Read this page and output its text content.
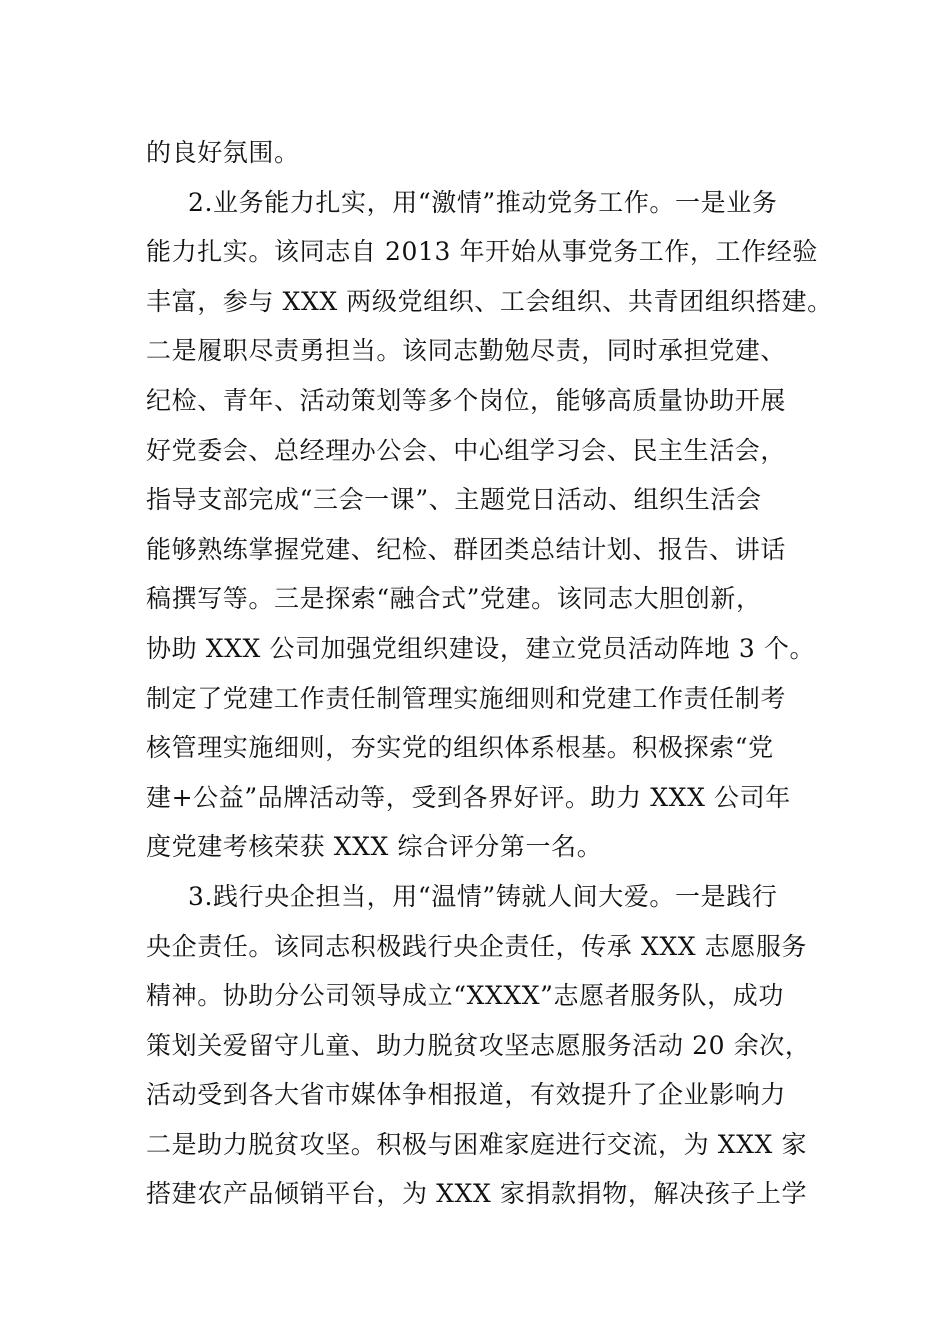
的良好氛围。
2.业务能力扎实，用“激情”推动党务工作。一是业务
能力扎实。该同志自 2013 年开始从事党务工作，工作经验
丰富，参与 XXX 两级党组织、工会组织、共青团组织搭建。
二是履职尽责勇担当。该同志勤勉尽责，同时承担党建、
纪检、青年、活动策划等多个岗位，能够高质量协助开展
好党委会、总经理办公会、中心组学习会、民主生活会，
指导支部完成“三会一课”、主题党日活动、组织生活会
能够熟练掌握党建、纪检、群团类总结计划、报告、讲话
稿撰写等。三是探索“融合式”党建。该同志大胆创新，
协助 XXX 公司加强党组织建设，建立党员活动阵地 3 个。
制定了党建工作责任制管理实施细则和党建工作责任制考
核管理实施细则，夯实党的组织体系根基。积极探索“党
建+公益”品牌活动等，受到各界好评。助力 XXX 公司年
度党建考核荣获 XXX 综合评分第一名。
3.践行央企担当，用“温情”铸就人间大爱。一是践行
央企责任。该同志积极践行央企责任，传承 XXX 志愿服务
精神。协助分公司领导成立“XXXX”志愿者服务队，成功
策划关爱留守儿童、助力脱贫攻坚志愿服务活动 20 余次，
活动受到各大省市媒体争相报道，有效提升了企业影响力
二是助力脱贫攻坚。积极与困难家庭进行交流，为 XXX 家
搭建农产品倾销平台，为 XXX 家捐款捐物，解决孩子上学
